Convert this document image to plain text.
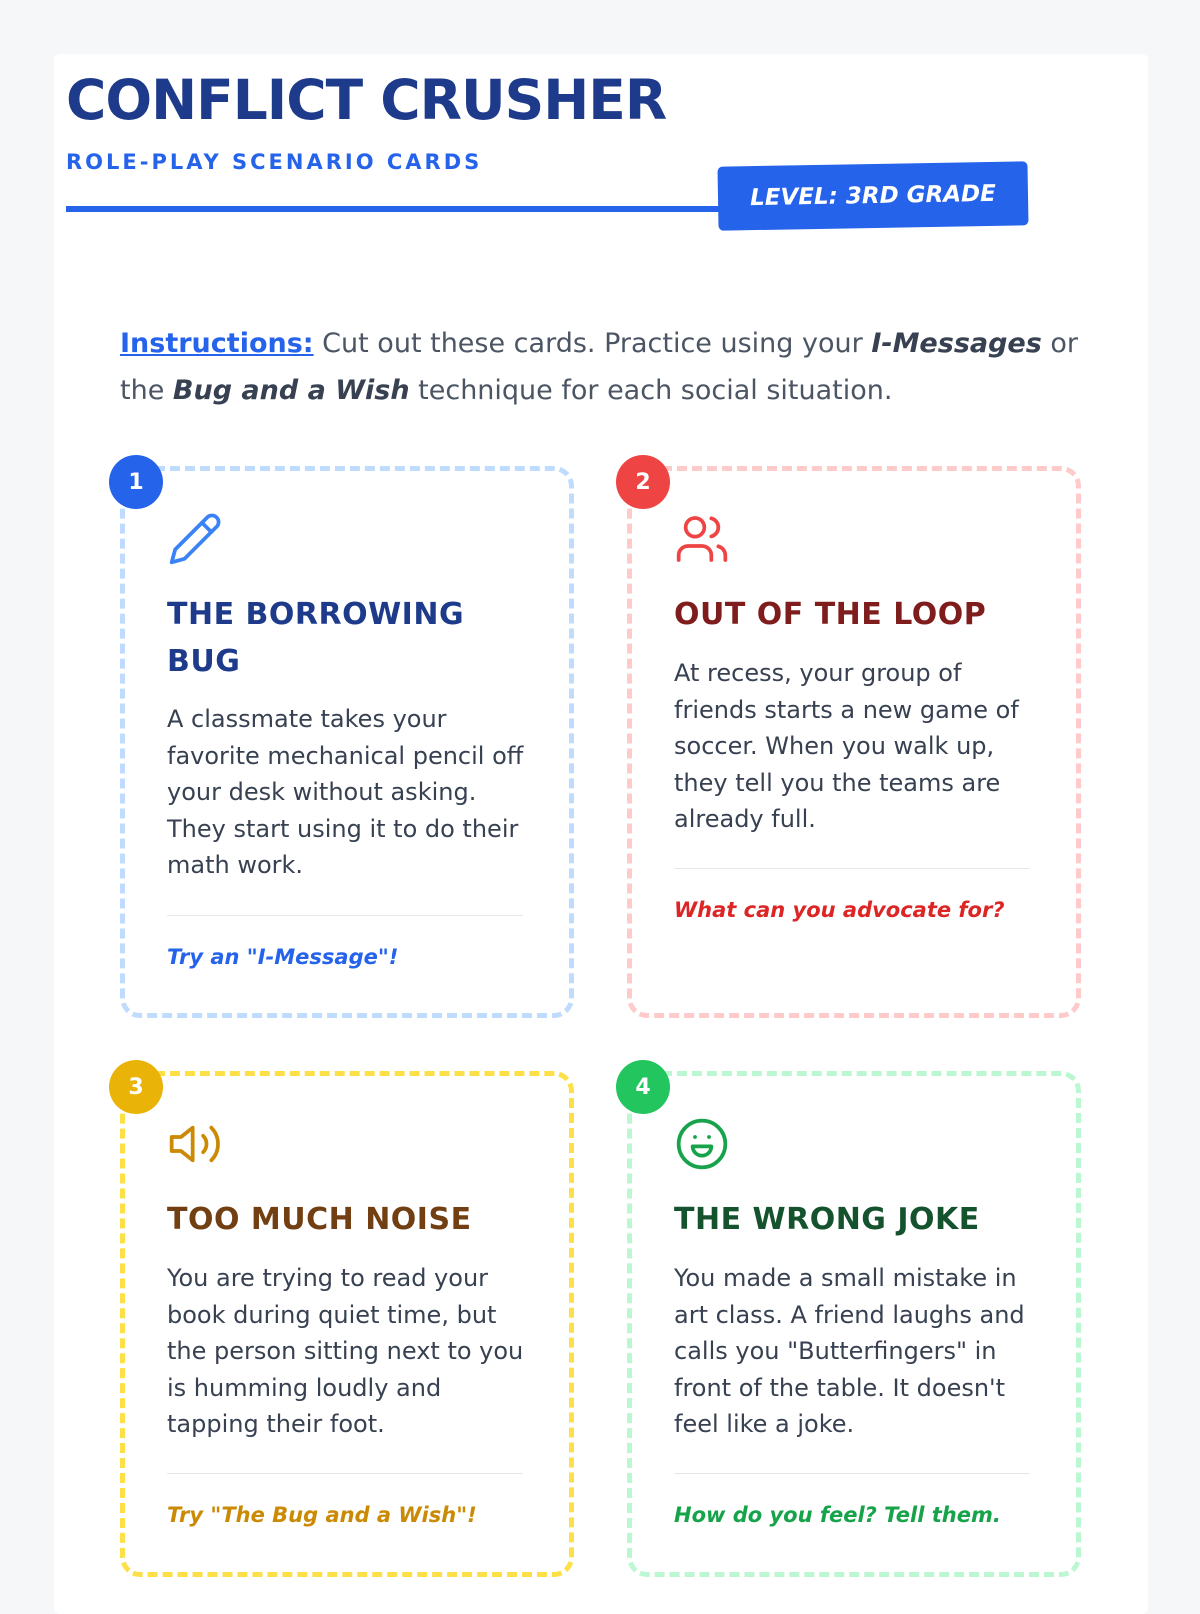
CONFLICT CRUSHER
ROLE-PLAY SCENARIO CARDS
LEVEL: 3RD GRADE

Instructions: Cut out these cards. Practice using your I-Messages or the Bug and a Wish technique for each social situation.

1
THE BORROWING BUG

A classmate takes your favorite mechanical pencil off your desk without asking. They start using it to do their math work.

Try an "I-Message"!
2
OUT OF THE LOOP

At recess, your group of friends starts a new game of soccer. When you walk up, they tell you the teams are already full.

What can you advocate for?
3
TOO MUCH NOISE

You are trying to read your book during quiet time, but the person sitting next to you is humming loudly and tapping their foot.

Try "The Bug and a Wish"!
4
THE WRONG JOKE

You made a small mistake in art class. A friend laughs and calls you "Butterfingers" in front of the table. It doesn't feel like a joke.

How do you feel? Tell them.
